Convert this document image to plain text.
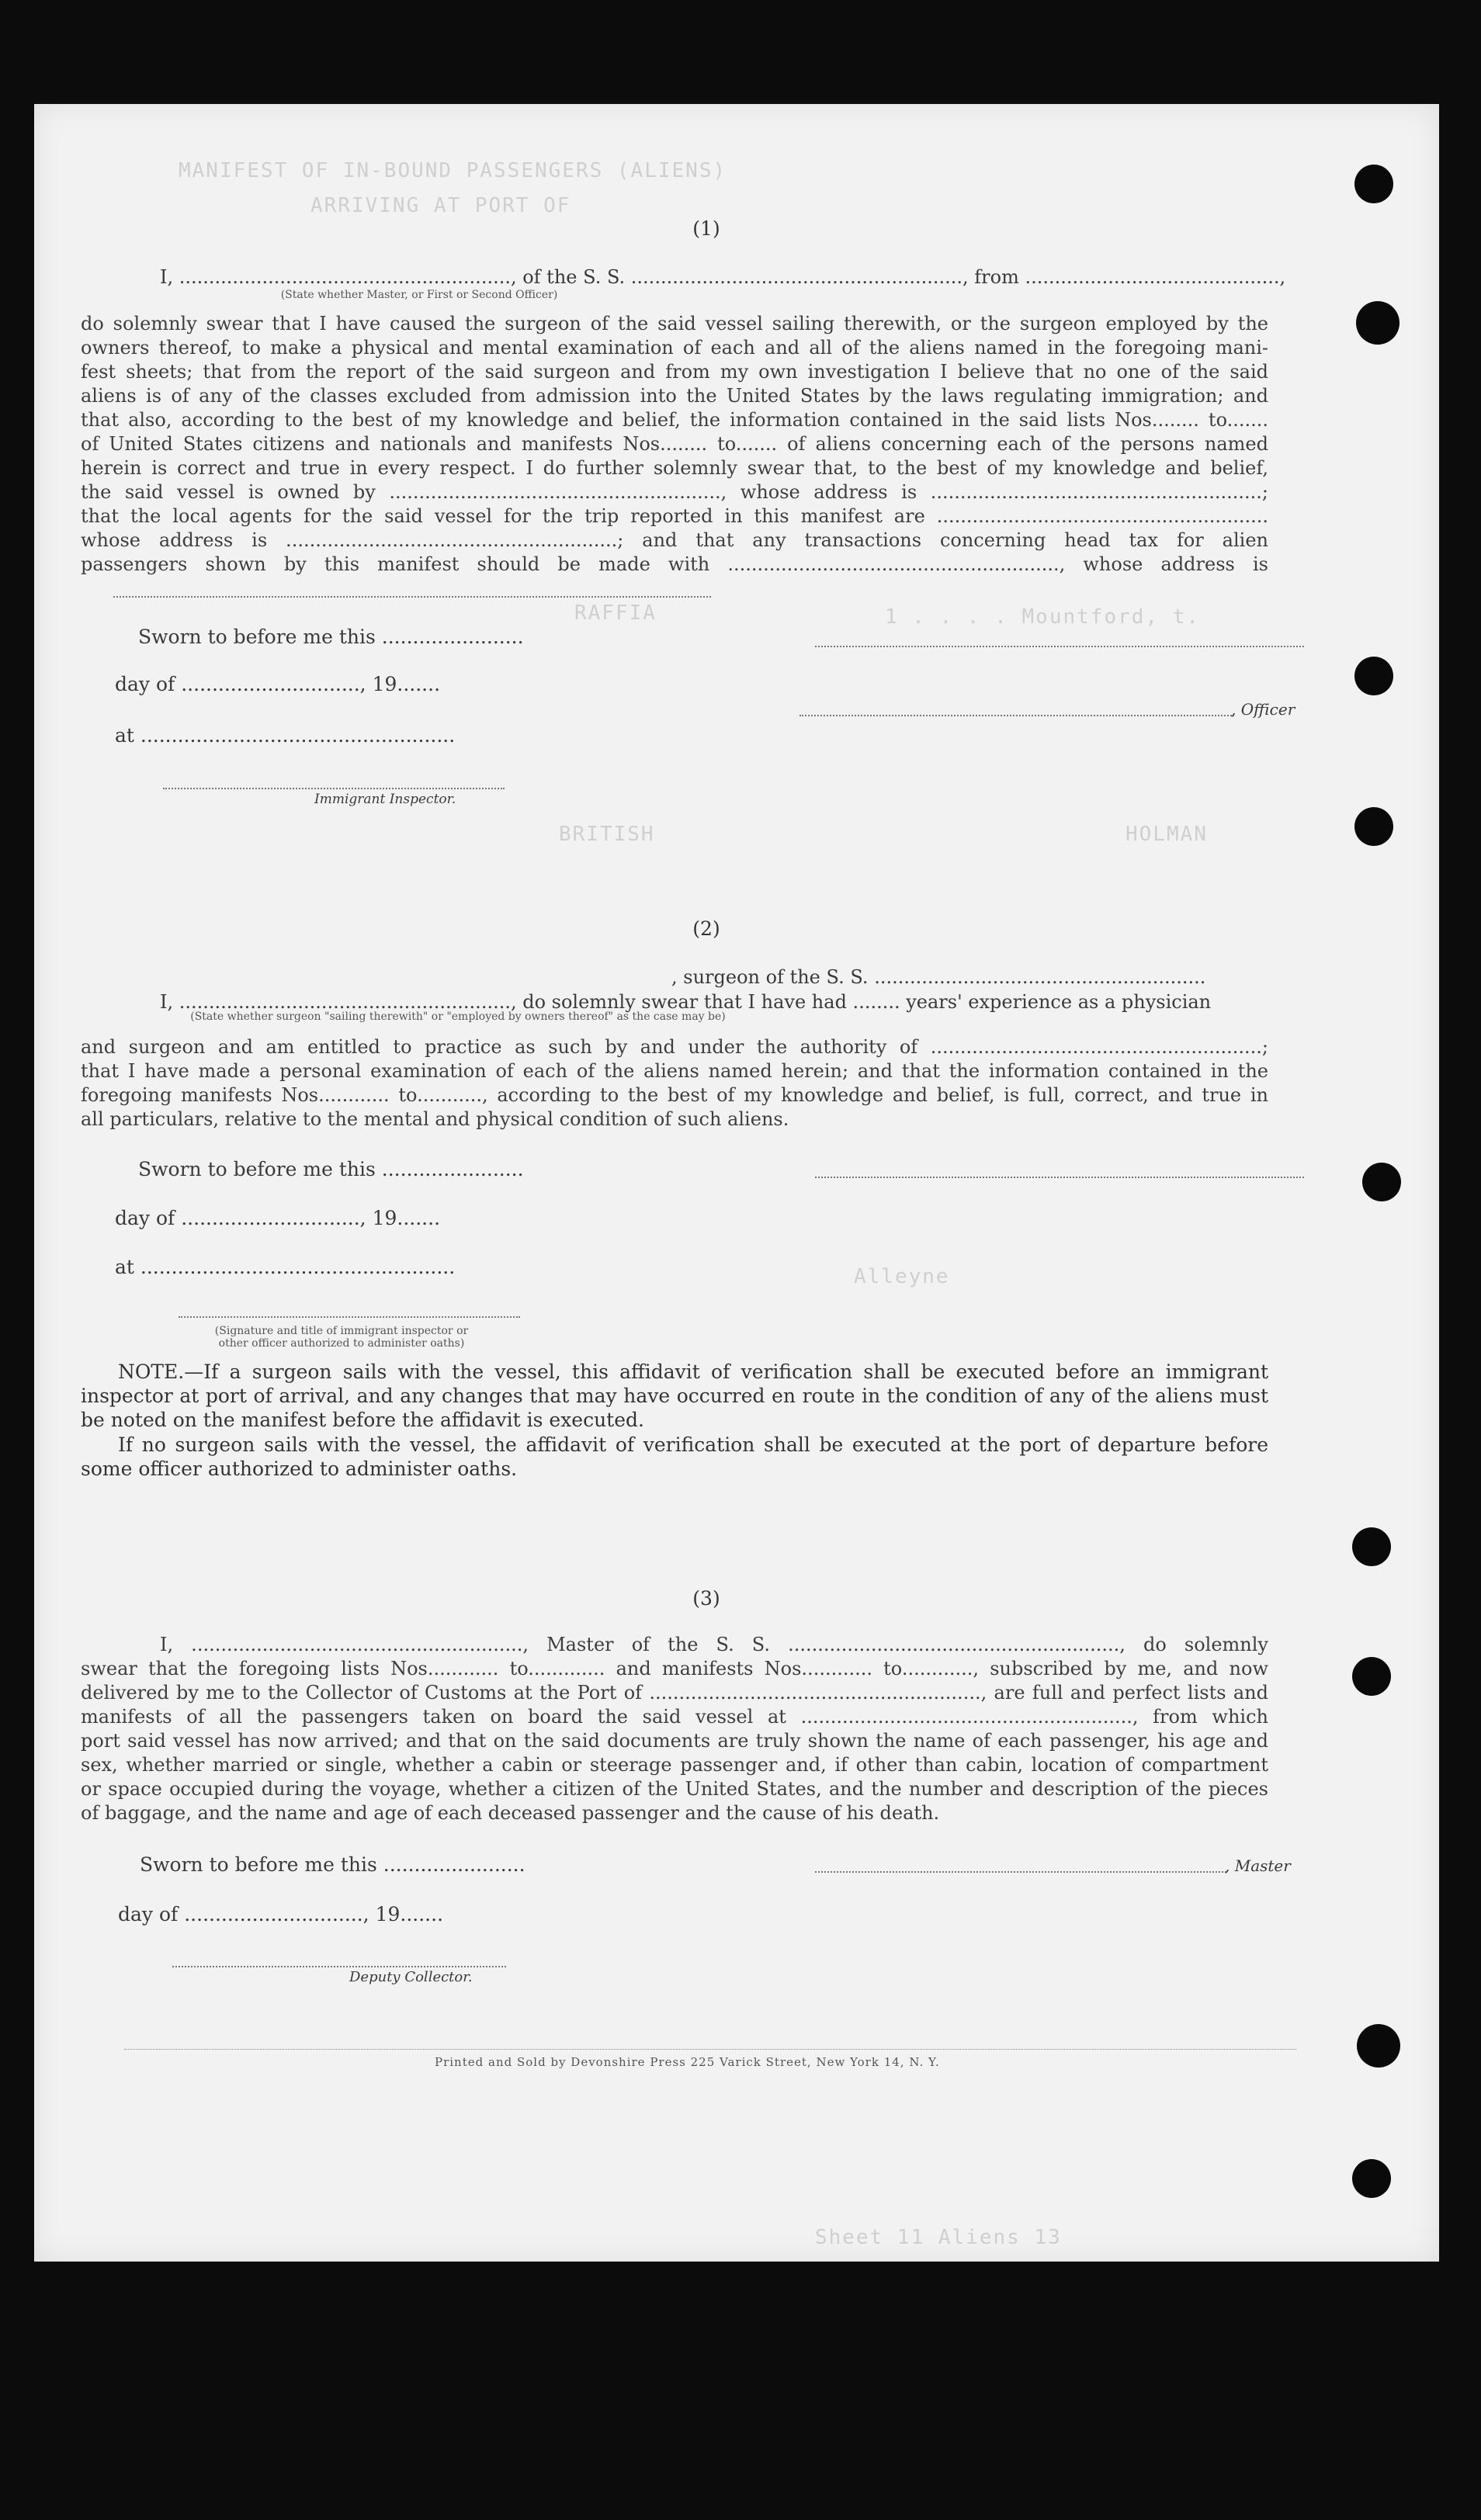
MANIFEST OF IN-BOUND PASSENGERS (ALIENS)
ARRIVING AT PORT OF
RAFFIA	1 . . . . Mountford, t.
BRITISH	HOLMAN
Alleyne
Sheet 11 Aliens 13
(1)
I, ........................................................, of the S. S. ........................................................, from ...........................................,
(State whether Master, or First or Second Officer)
do solemnly swear that I have caused the surgeon of the said vessel sailing therewith, or the surgeon employed by the
owners thereof, to make a physical and mental examination of each and all of the aliens named in the foregoing mani-
fest sheets; that from the report of the said surgeon and from my own investigation I believe that no one of the said
aliens is of any of the classes excluded from admission into the United States by the laws regulating immigration; and
that also, according to the best of my knowledge and belief, the information contained in the said lists Nos........ to.......
of United States citizens and nationals and manifests Nos........ to....... of aliens concerning each of the persons named
herein is correct and true in every respect. I do further solemnly swear that, to the best of my knowledge and belief,
the said vessel is owned by ........................................................, whose address is ........................................................;
that the local agents for the said vessel for the trip reported in this manifest are ........................................................
whose address is ........................................................; and that any transactions concerning head tax for alien
passengers shown by this manifest should be made with ........................................................, whose address is
Sworn to before me this .......................
day of ............................., 19.......
, Officer
at ...................................................
Immigrant Inspector.
(2)
I, ........................................................, do solemnly swear that I have had ........ years' experience as a physician
(State whether surgeon "sailing therewith" or "employed by owners thereof" as the case may be)
, surgeon of the S. S. ........................................................
and surgeon and am entitled to practice as such by and under the authority of ........................................................;
that I have made a personal examination of each of the aliens named herein; and that the information contained in the
foregoing manifests Nos............ to..........., according to the best of my knowledge and belief, is full, correct, and true in
all particulars, relative to the mental and physical condition of such aliens.
Sworn to before me this .......................
day of ............................., 19.......
at ...................................................
(Signature and title of immigrant inspector or
other officer authorized to administer oaths)
NOTE.—If a surgeon sails with the vessel, this affidavit of verification shall be executed before an immigrant
inspector at port of arrival, and any changes that may have occurred en route in the condition of any of the aliens must
be noted on the manifest before the affidavit is executed.
If no surgeon sails with the vessel, the affidavit of verification shall be executed at the port of departure before
some officer authorized to administer oaths.
(3)
I, ........................................................, Master of the S. S. ........................................................, do solemnly
swear that the foregoing lists Nos............ to............. and manifests Nos............ to............, subscribed by me, and now
delivered by me to the Collector of Customs at the Port of ........................................................, are full and perfect lists and
manifests of all the passengers taken on board the said vessel at ........................................................, from which
port said vessel has now arrived; and that on the said documents are truly shown the name of each passenger, his age and
sex, whether married or single, whether a cabin or steerage passenger and, if other than cabin, location of compartment
or space occupied during the voyage, whether a citizen of the United States, and the number and description of the pieces
of baggage, and the name and age of each deceased passenger and the cause of his death.
Sworn to before me this .......................	, Master
day of ............................., 19.......
Deputy Collector.
Printed and Sold by Devonshire Press 225 Varick Street, New York 14, N. Y.
